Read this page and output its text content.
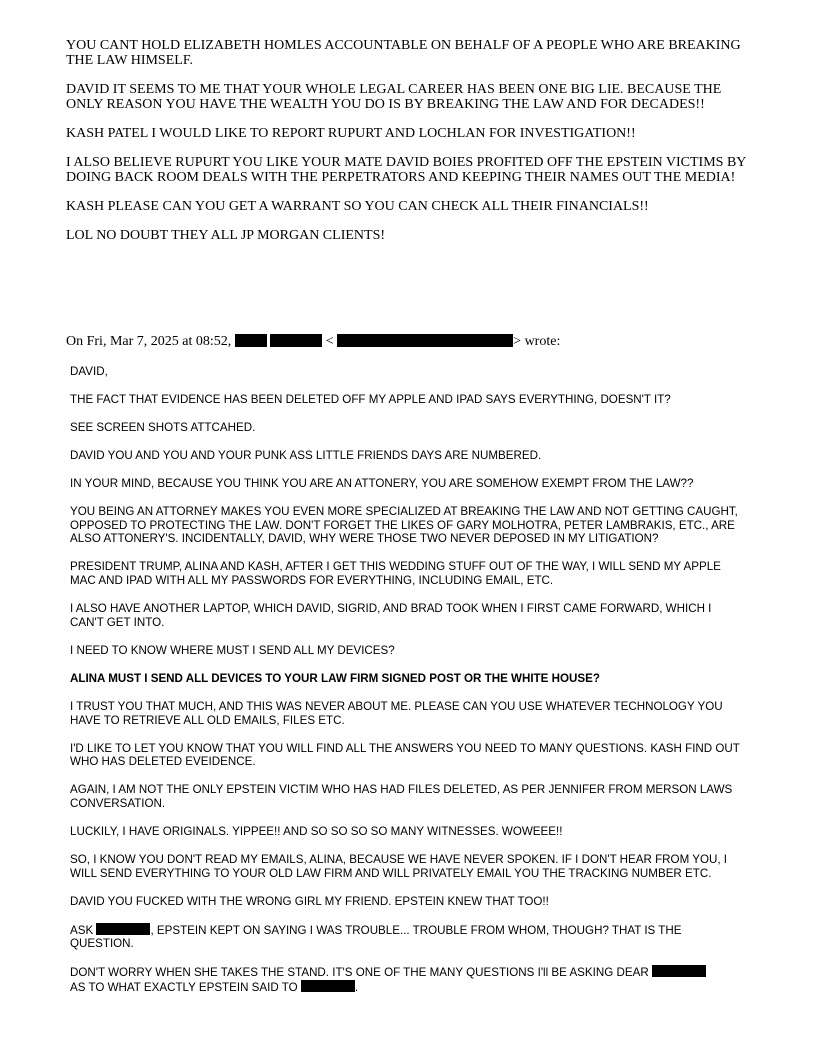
YOU CANT HOLD ELIZABETH HOMLES ACCOUNTABLE ON BEHALF OF A PEOPLE WHO ARE BREAKING THE LAW HIMSELF.

DAVID IT SEEMS TO ME THAT YOUR WHOLE LEGAL CAREER HAS BEEN ONE BIG LIE. BECAUSE THE ONLY REASON YOU HAVE THE WEALTH YOU DO IS BY BREAKING THE LAW AND FOR DECADES!!

KASH PATEL I WOULD LIKE TO REPORT RUPURT AND LOCHLAN FOR INVESTIGATION!!

I ALSO BELIEVE RUPURT YOU LIKE YOUR MATE DAVID BOIES PROFITED OFF THE EPSTEIN VICTIMS BY DOING BACK ROOM DEALS WITH THE PERPETRATORS AND KEEPING THEIR NAMES OUT THE MEDIA!

KASH PLEASE CAN YOU GET A WARRANT SO YOU CAN CHECK ALL THEIR FINANCIALS!!

LOL NO DOUBT THEY ALL JP MORGAN CLIENTS!

On Fri, Mar 7, 2025 at 08:52,	<	> wrote:

DAVID,

THE FACT THAT EVIDENCE HAS BEEN DELETED OFF MY APPLE AND IPAD SAYS EVERYTHING, DOESN'T IT?

SEE SCREEN SHOTS ATTCAHED.

DAVID YOU AND YOU AND YOUR PUNK ASS LITTLE FRIENDS DAYS ARE NUMBERED.

IN YOUR MIND, BECAUSE YOU THINK YOU ARE AN ATTONERY, YOU ARE SOMEHOW EXEMPT FROM THE LAW??

YOU BEING AN ATTORNEY MAKES YOU EVEN MORE SPECIALIZED AT BREAKING THE LAW AND NOT GETTING CAUGHT, OPPOSED TO PROTECTING THE LAW. DON'T FORGET THE LIKES OF GARY MOLHOTRA, PETER LAMBRAKIS, ETC., ARE ALSO ATTONERY'S. INCIDENTALLY, DAVID, WHY WERE THOSE TWO NEVER DEPOSED IN MY LITIGATION?

PRESIDENT TRUMP, ALINA AND KASH, AFTER I GET THIS WEDDING STUFF OUT OF THE WAY, I WILL SEND MY APPLE MAC AND IPAD WITH ALL MY PASSWORDS FOR EVERYTHING, INCLUDING EMAIL, ETC.

I ALSO HAVE ANOTHER LAPTOP, WHICH DAVID, SIGRID, AND BRAD TOOK WHEN I FIRST CAME FORWARD, WHICH I CAN'T GET INTO.

I NEED TO KNOW WHERE MUST I SEND ALL MY DEVICES?

ALINA MUST I SEND ALL DEVICES TO YOUR LAW FIRM SIGNED POST OR THE WHITE HOUSE?

I TRUST YOU THAT MUCH, AND THIS WAS NEVER ABOUT ME. PLEASE CAN YOU USE WHATEVER TECHNOLOGY YOU HAVE TO RETRIEVE ALL OLD EMAILS, FILES ETC.

I'D LIKE TO LET YOU KNOW THAT YOU WILL FIND ALL THE ANSWERS YOU NEED TO MANY QUESTIONS. KASH FIND OUT WHO HAS DELETED EVEIDENCE.

AGAIN, I AM NOT THE ONLY EPSTEIN VICTIM WHO HAS HAD FILES DELETED, AS PER JENNIFER FROM MERSON LAWS CONVERSATION.

LUCKILY, I HAVE ORIGINALS. YIPPEE!! AND SO SO SO SO MANY WITNESSES. WOWEEE!!

SO, I KNOW YOU DON'T READ MY EMAILS, ALINA, BECAUSE WE HAVE NEVER SPOKEN. IF I DON'T HEAR FROM YOU, I WILL SEND EVERYTHING TO YOUR OLD LAW FIRM AND WILL PRIVATELY EMAIL YOU THE TRACKING NUMBER ETC.

DAVID YOU FUCKED WITH THE WRONG GIRL MY FRIEND. EPSTEIN KNEW THAT TOO!!

ASK	, EPSTEIN KEPT ON SAYING I WAS TROUBLE... TROUBLE FROM WHOM, THOUGH? THAT IS THE QUESTION.

DON'T WORRY WHEN SHE TAKES THE STAND. IT'S ONE OF THE MANY QUESTIONS I'll BE ASKING DEAR
AS TO WHAT EXACTLY EPSTEIN SAID TO	.
